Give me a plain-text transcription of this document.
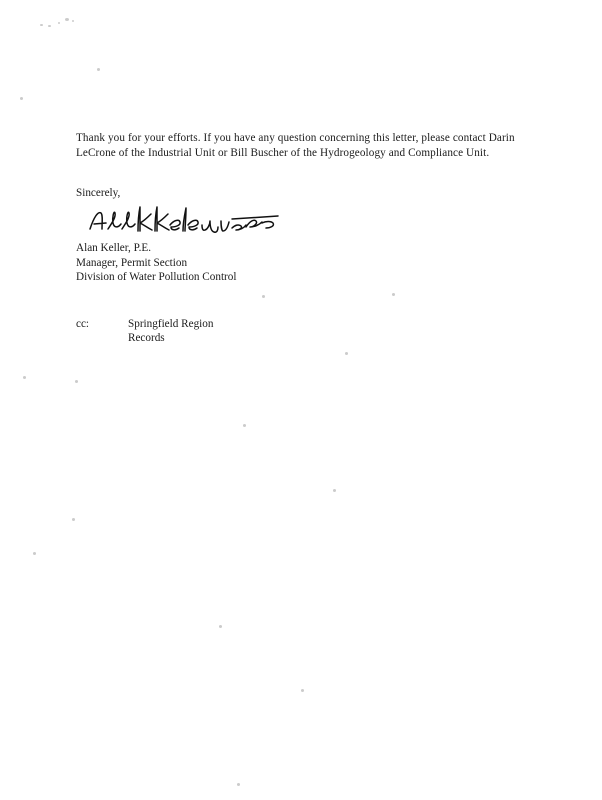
Thank you for your efforts. If you have any question concerning this letter, please contact Darin
LeCrone of the Industrial Unit or Bill Buscher of the Hydrogeology and Compliance Unit.

Sincerely,
Alan Keller, P.E.
Manager, Permit Section
Division of Water Pollution Control
cc:	Springfield Region
Records
